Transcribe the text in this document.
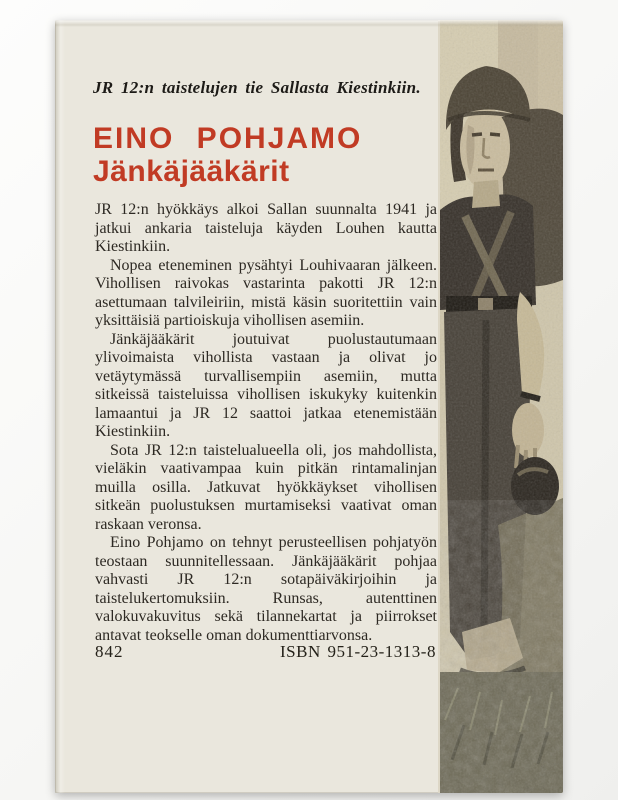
JR 12:n taistelujen tie Sallasta Kiestinkiin.
EINO POHJAMO
Jänkäjääkärit

JR 12:n hyökkäys alkoi Sallan suunnalta 1941 ja jatkui ankaria taisteluja käyden Louhen kautta Kiestinkiin.

Nopea eteneminen pysähtyi Louhivaaran jälkeen. Vihollisen raivokas vastarinta pakotti JR 12:n asettumaan talvileiriin, mistä käsin suoritettiin vain yksittäisiä partioiskuja vihollisen asemiin.

Jänkäjääkärit joutuivat puolustautumaan ylivoimaista vihollista vastaan ja olivat jo vetäytymässä turvallisempiin asemiin, mutta sitkeissä taisteluissa vihollisen iskukyky kuitenkin lamaantui ja JR 12 saattoi jatkaa etenemistään Kiestinkiin.

Sota JR 12:n taistelualueella oli, jos mahdollista, vieläkin vaativampaa kuin pitkän rintamalinjan muilla osilla. Jatkuvat hyökkäykset vihollisen sitkeän puolustuksen murtamiseksi vaativat oman raskaan veronsa.

Eino Pohjamo on tehnyt perusteellisen pohjatyön teostaan suunnitellessaan. Jänkäjääkärit pohjaa vahvasti JR 12:n sotapäiväkirjoihin ja taistelukertomuksiin. Runsas, autenttinen valokuvakuvitus sekä tilannekartat ja piirrokset antavat teokselle oman dokumenttiarvonsa.

842	ISBN 951-23-1313-8
